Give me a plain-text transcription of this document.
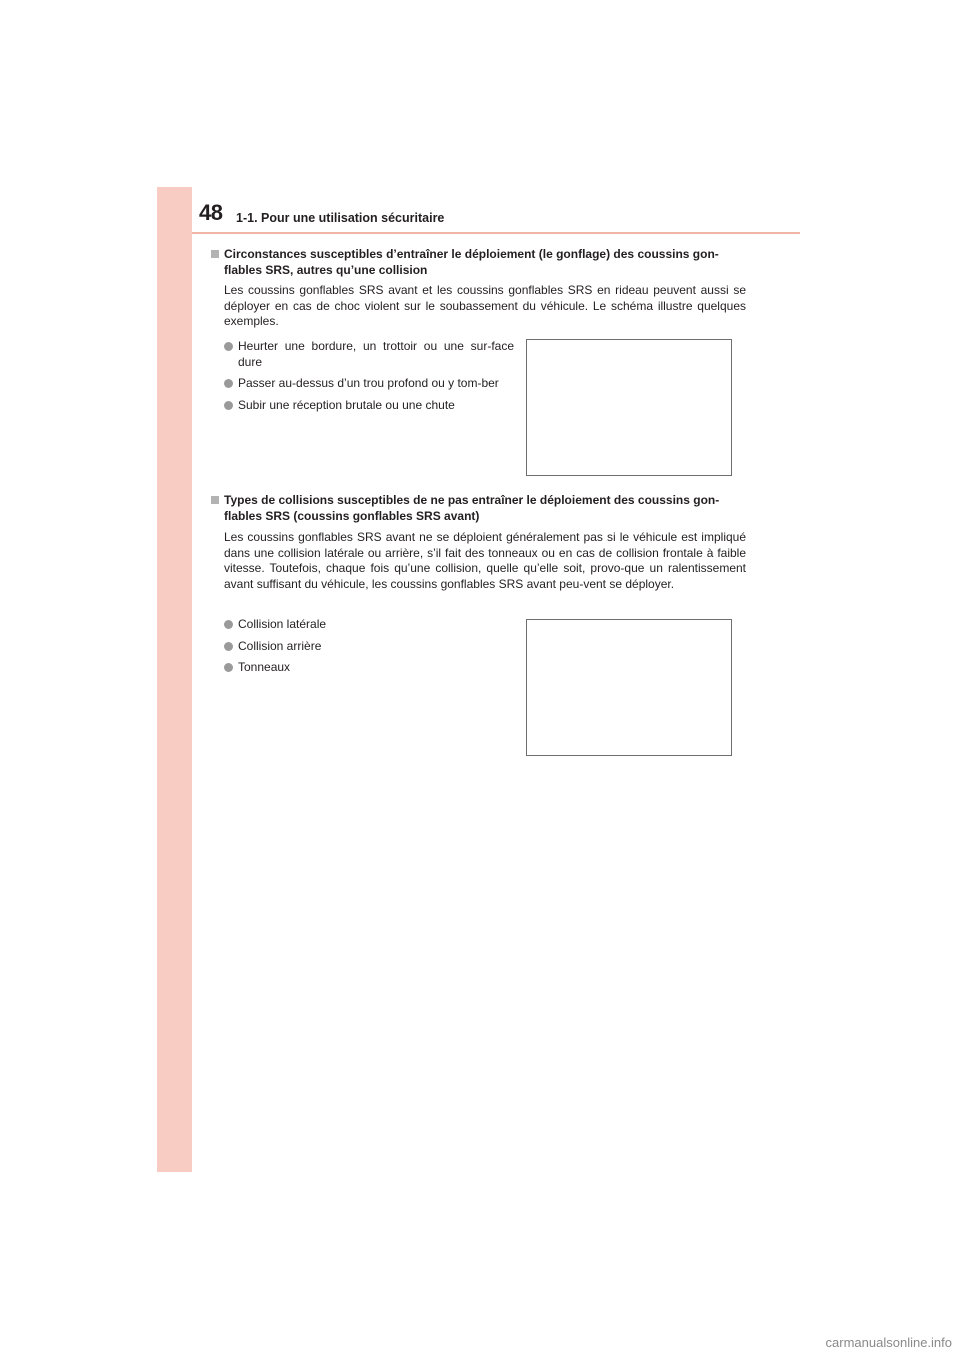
48 1-1. Pour une utilisation sécuritaire
Circonstances susceptibles d’entraîner le déploiement (le gonflage) des coussins gon-flables SRS, autres qu’une collision
Les coussins gonflables SRS avant et les coussins gonflables SRS en rideau peuvent aussi se déployer en cas de choc violent sur le soubassement du véhicule. Le schéma illustre quelques exemples.
Heurter une bordure, un trottoir ou une sur-face dure
Passer au-dessus d’un trou profond ou y tom-ber
Subir une réception brutale ou une chute
Types de collisions susceptibles de ne pas entraîner le déploiement des coussins gon-flables SRS (coussins gonflables SRS avant)
Les coussins gonflables SRS avant ne se déploient généralement pas si le véhicule est impliqué dans une collision latérale ou arrière, s’il fait des tonneaux ou en cas de collision frontale à faible vitesse. Toutefois, chaque fois qu’une collision, quelle qu’elle soit, provo-que un ralentissement avant suffisant du véhicule, les coussins gonflables SRS avant peu-vent se déployer.
Collision latérale
Collision arrière
Tonneaux
carmanualsonline.info
